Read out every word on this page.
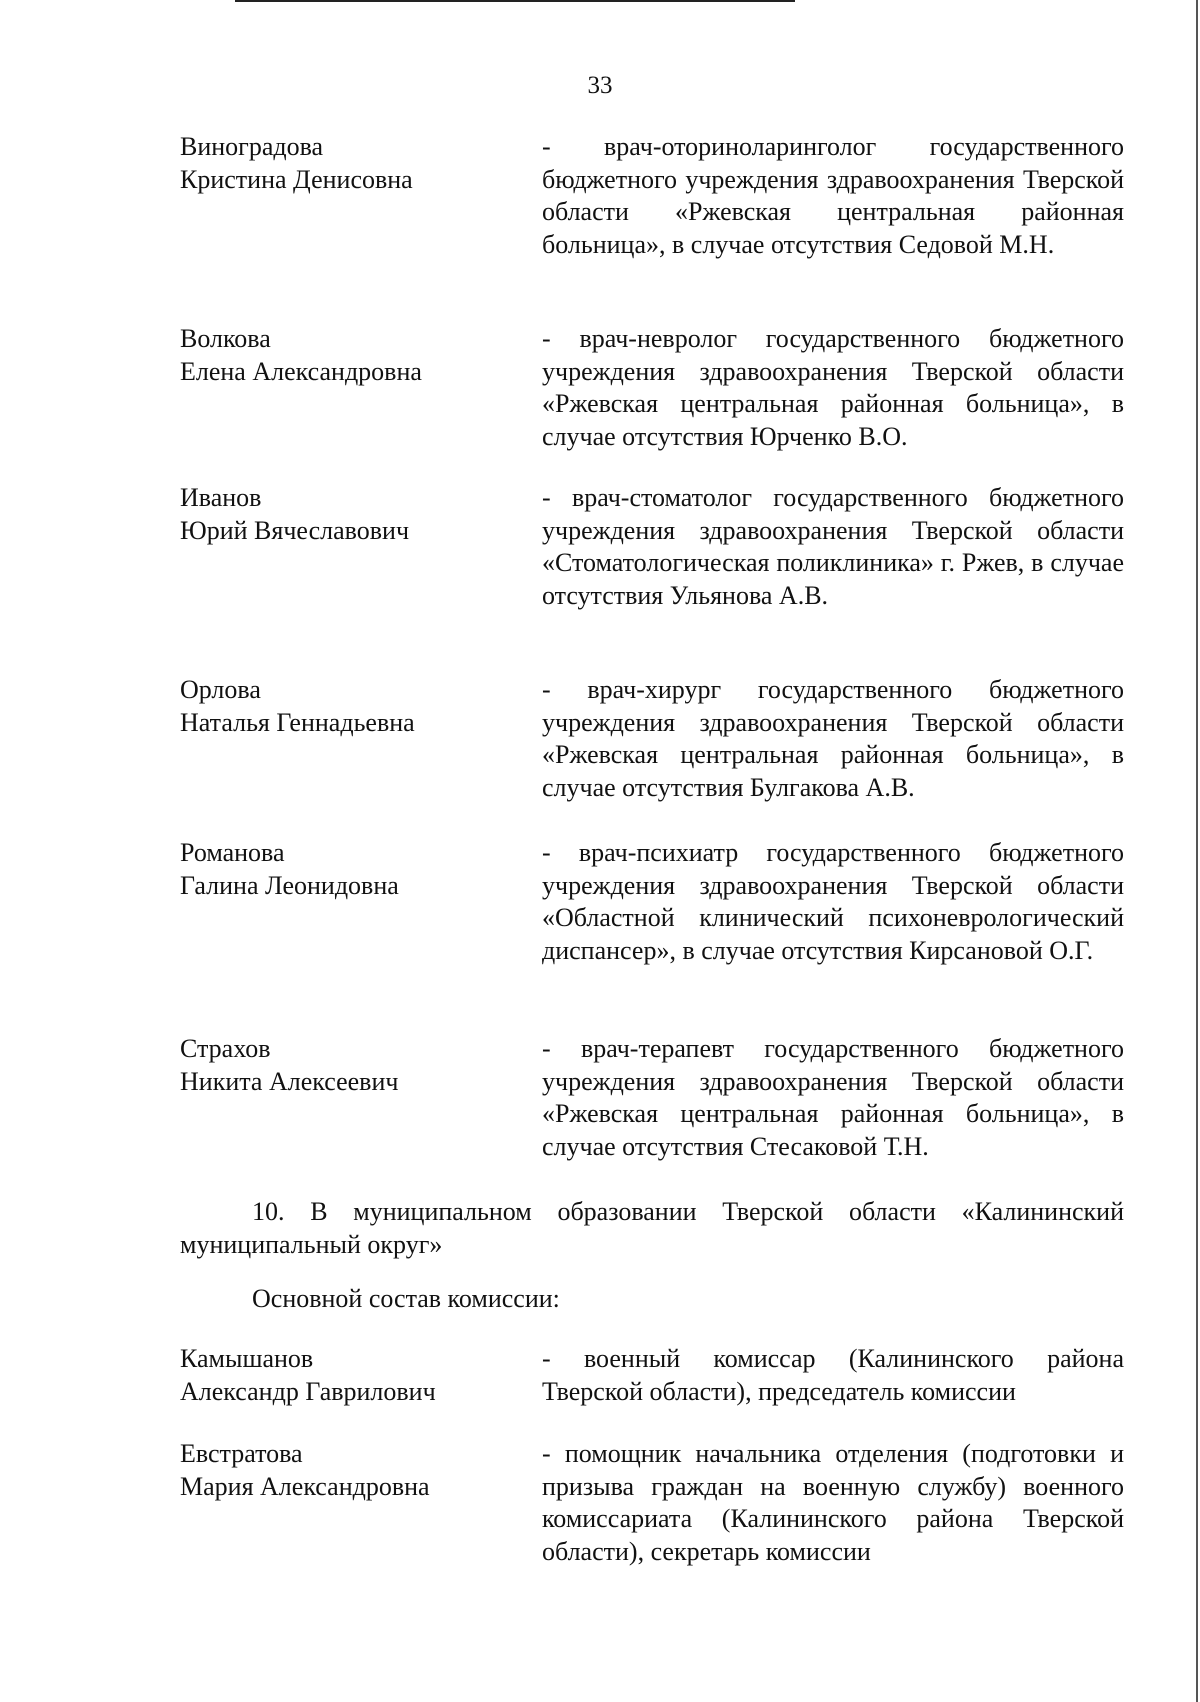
33
Виноградова
Кристина Денисовна
- врач-оториноларинголог государственного бюджетного учреждения здравоохранения Тверской области «Ржевская центральная районная больница», в случае отсутствия Седовой М.Н.
Волкова
Елена Александровна
- врач-невролог государственного бюджетного учреждения здравоохранения Тверской области «Ржевская центральная районная больница», в случае отсутствия Юрченко В.О.
Иванов
Юрий Вячеславович
- врач-стоматолог государственного бюджетного учреждения здравоохранения Тверской области «Стоматологическая поликлиника» г. Ржев, в случае отсутствия Ульянова А.В.
Орлова
Наталья Геннадьевна
- врач-хирург государственного бюджетного учреждения здравоохранения Тверской области «Ржевская центральная районная больница», в случае отсутствия Булгакова А.В.
Романова
Галина Леонидовна
- врач-психиатр государственного бюджетного учреждения здравоохранения Тверской области «Областной клинический психоневрологический диспансер», в случае отсутствия Кирсановой О.Г.
Страхов
Никита Алексеевич
- врач-терапевт государственного бюджетного учреждения здравоохранения Тверской области «Ржевская центральная районная больница», в случае отсутствия Стесаковой Т.Н.
10. В муниципальном образовании Тверской области «Калининский муниципальный округ»
Основной состав комиссии:
Камышанов
Александр Гаврилович
- военный комиссар (Калининского района Тверской области), председатель комиссии
Евстратова
Мария Александровна
- помощник начальника отделения (подготовки и призыва граждан на военную службу) военного комиссариата (Калининского района Тверской области), секретарь комиссии
